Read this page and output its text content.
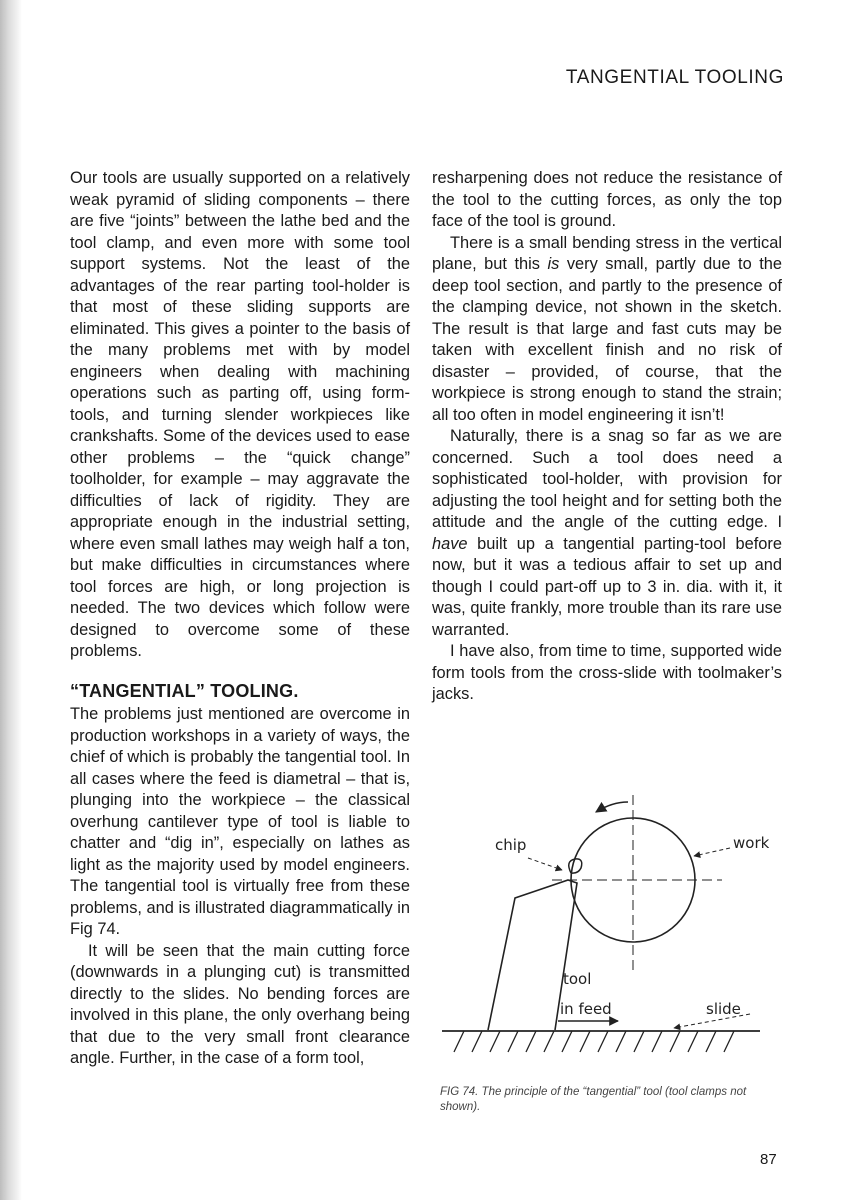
TANGENTIAL TOOLING

Our tools are usually supported on a relatively weak pyramid of sliding components – there are five “joints” between the lathe bed and the tool clamp, and even more with some tool support systems. Not the least of the advantages of the rear parting tool-holder is that most of these sliding supports are eliminated. This gives a pointer to the basis of the many problems met with by model engineers when dealing with machining operations such as parting off, using form-tools, and turning slender workpieces like crankshafts. Some of the devices used to ease other problems – the “quick change” toolholder, for example – may aggravate the difficulties of lack of rigidity. They are appropriate enough in the industrial setting, where even small lathes may weigh half a ton, but make difficulties in circumstances where tool forces are high, or long projection is needed. The two devices which follow were designed to overcome some of these problems.

“TANGENTIAL” TOOLING.

The problems just mentioned are overcome in production workshops in a variety of ways, the chief of which is probably the tangential tool. In all cases where the feed is diametral – that is, plunging into the workpiece – the classical overhung cantilever type of tool is liable to chatter and “dig in”, especially on lathes as light as the majority used by model engineers. The tangential tool is virtually free from these problems, and is illustrated diagrammatically in Fig 74.

It will be seen that the main cutting force (downwards in a plunging cut) is transmitted directly to the slides. No bending forces are involved in this plane, the only overhang being that due to the very small front clearance angle. Further, in the case of a form tool,

resharpening does not reduce the resistance of the tool to the cutting forces, as only the top face of the tool is ground.

There is a small bending stress in the vertical plane, but this is very small, partly due to the deep tool section, and partly to the presence of the clamping device, not shown in the sketch. The result is that large and fast cuts may be taken with excellent finish and no risk of disaster – provided, of course, that the workpiece is strong enough to stand the strain; all too often in model engineering it isn’t!

Naturally, there is a snag so far as we are concerned. Such a tool does need a sophisticated tool-holder, with provision for adjusting the tool height and for setting both the attitude and the angle of the cutting edge. I have built up a tangential parting-tool before now, but it was a tedious affair to set up and though I could part-off up to 3 in. dia. with it, it was, quite frankly, more trouble than its rare use warranted.

I have also, from time to time, supported wide form tools from the cross-slide with toolmaker’s jacks.

chip	work
tool
in feed	slide
FIG 74. The principle of the “tangential” tool (tool clamps not shown).
87
